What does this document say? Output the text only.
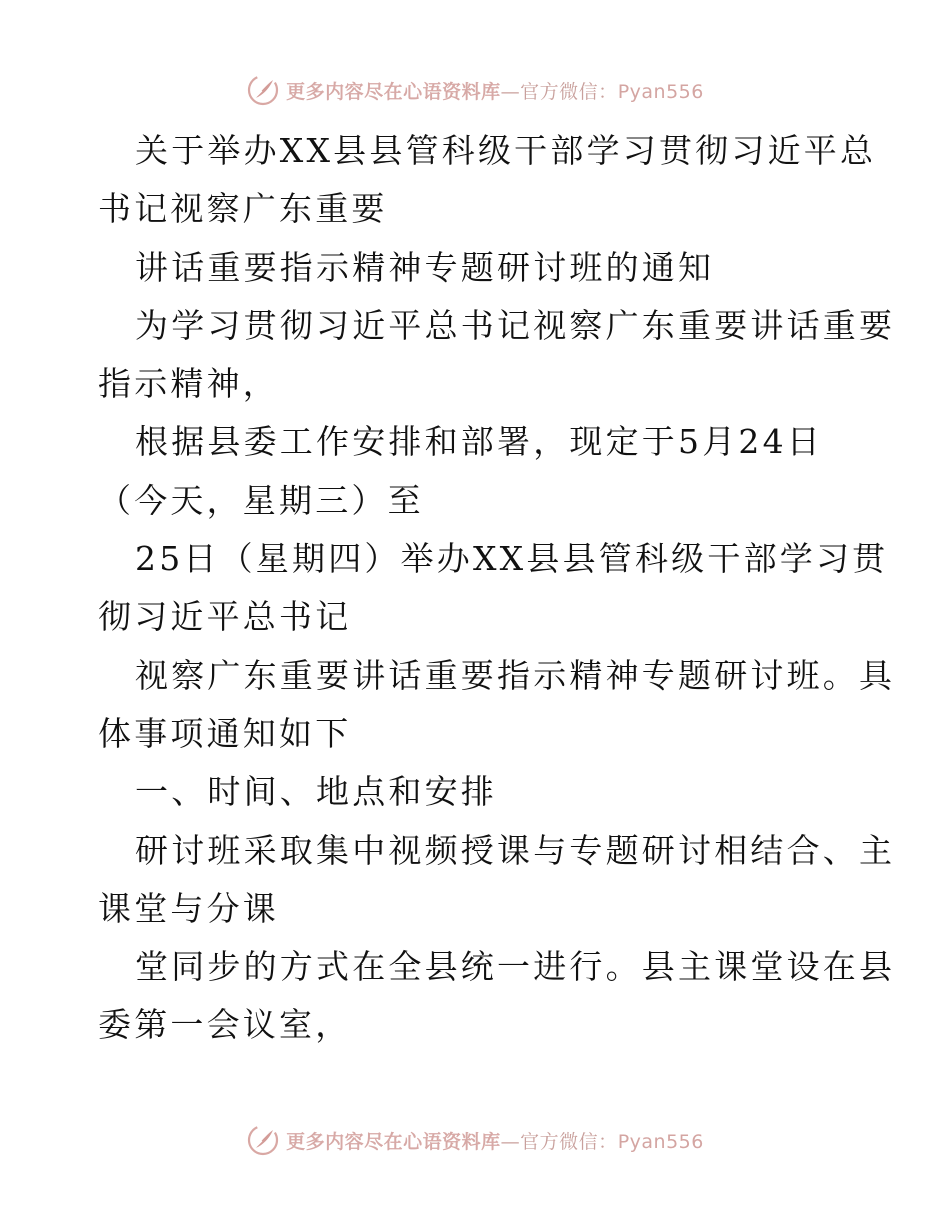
更多内容尽在心语资料库—官方微信：Pyan556

关于举办XX县县管科级干部学习贯彻习近平总

书记视察广东重要

讲话重要指示精神专题研讨班的通知

为学习贯彻习近平总书记视察广东重要讲话重要

指示精神，

根据县委工作安排和部署，现定于5月24日

（今天，星期三）至

25日（星期四）举办XX县县管科级干部学习贯

彻习近平总书记

视察广东重要讲话重要指示精神专题研讨班。具

体事项通知如下

一、时间、地点和安排

研讨班采取集中视频授课与专题研讨相结合、主

课堂与分课

堂同步的方式在全县统一进行。县主课堂设在县

委第一会议室，

更多内容尽在心语资料库—官方微信：Pyan556
